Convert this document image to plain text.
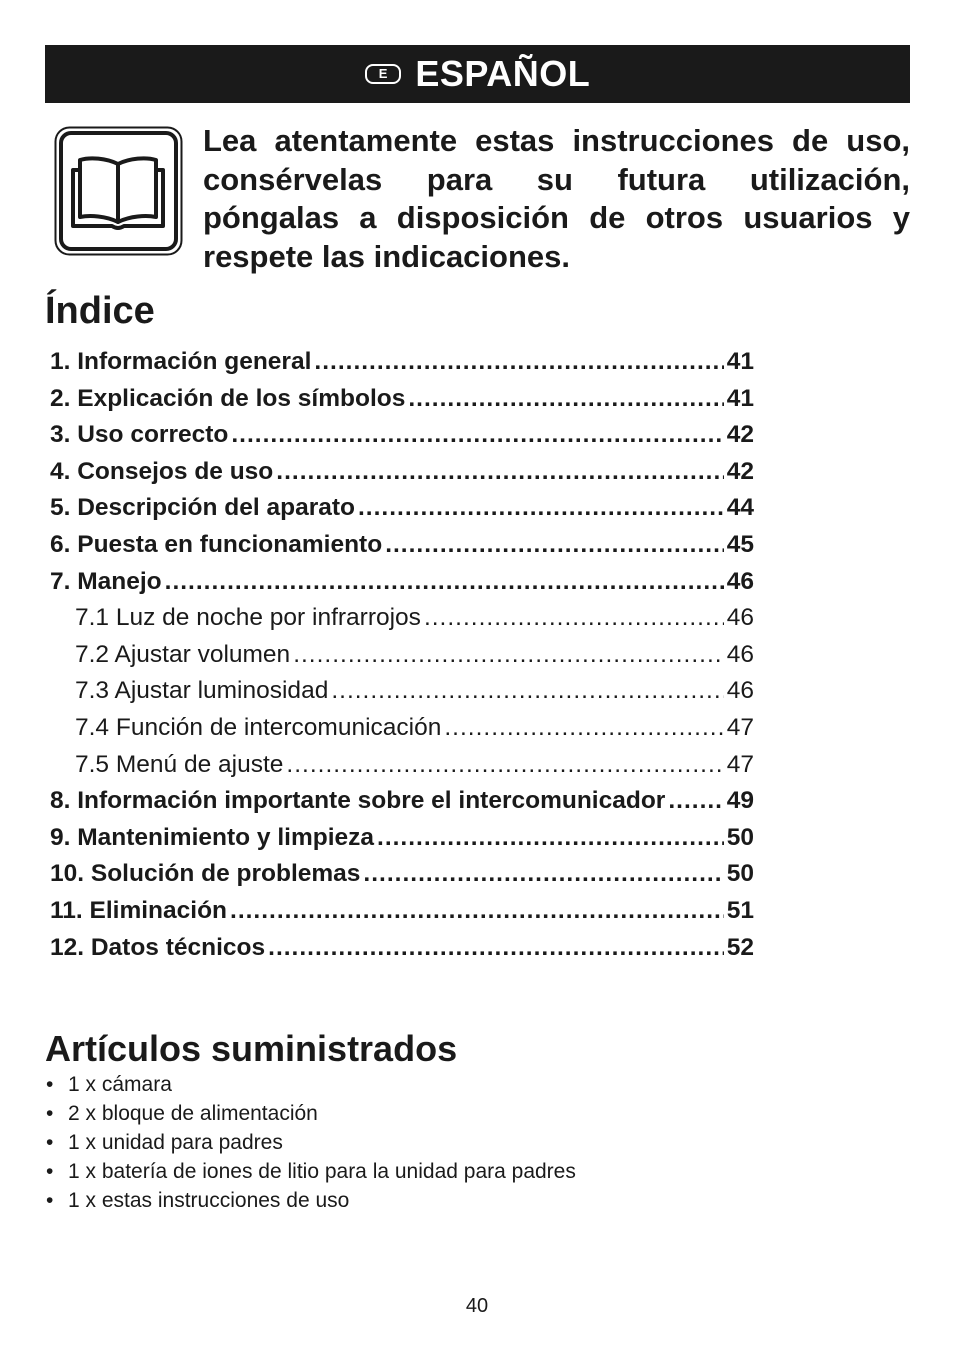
E ESPAÑOL

Lea atentamente estas instrucciones de uso, consérvelas para su futura utilización, póngalas a disposición de otros usuarios y respete las indicaciones.

Índice
1. Información general .....	41
2. Explicación de los símbolos .....	41
3. Uso correcto .....	42
4. Consejos de uso .....	42
5. Descripción del aparato .....	44
6. Puesta en funcionamiento .....	45
7. Manejo .....	46
7.1 Luz de noche por infrarrojos .....	46
7.2 Ajustar volumen .....	46
7.3 Ajustar luminosidad .....	46
7.4 Función de intercomunicación .....	47
7.5 Menú de ajuste .....	47
8. Información importante sobre el intercomunicador .....	49
9. Mantenimiento y limpieza .....	50
10. Solución de problemas .....	50
11. Eliminación .....	51
12. Datos técnicos .....	52
Artículos suministrados
• 1 x cámara
• 2 x bloque de alimentación
• 1 x unidad para padres
• 1 x batería de iones de litio para la unidad para padres
• 1 x estas instrucciones de uso
40
